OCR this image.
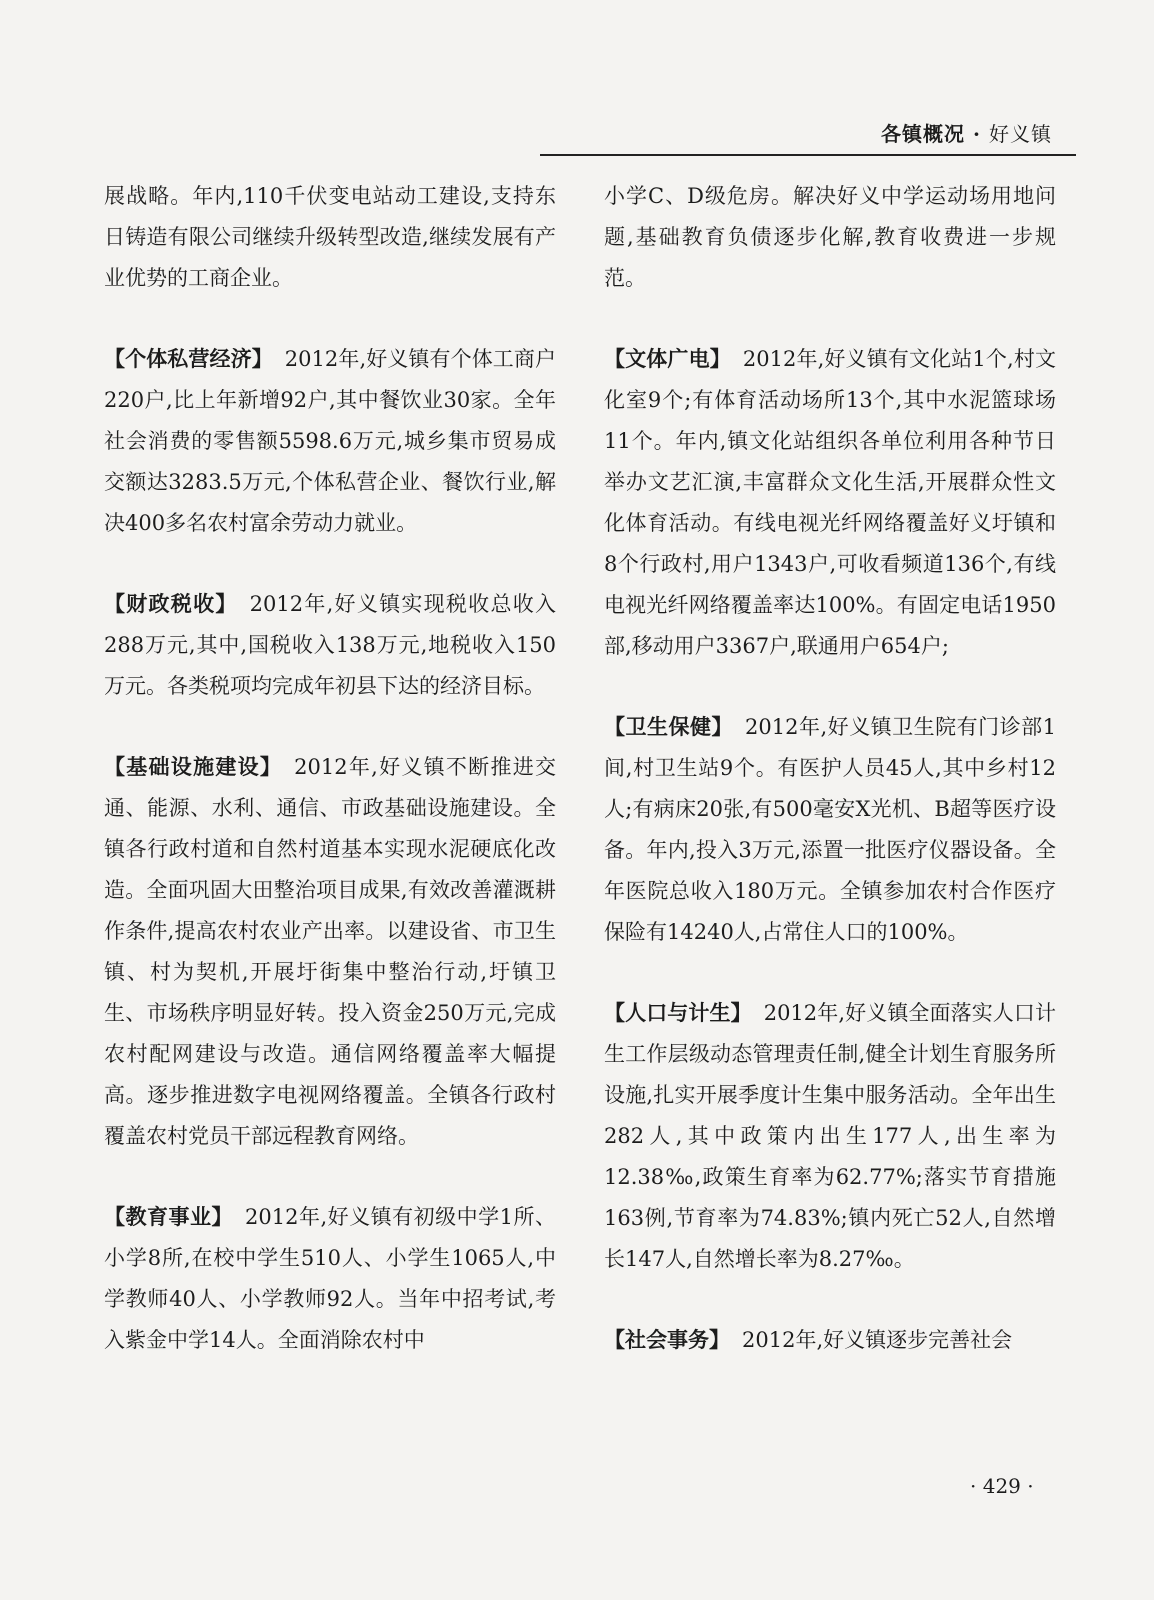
各镇概况 · 好义镇

展战略。年内,110千伏变电站动工建设,支持东日铸造有限公司继续升级转型改造,继续发展有产业优势的工商企业。

【个体私营经济】 2012年,好义镇有个体工商户220户,比上年新增92户,其中餐饮业30家。全年社会消费的零售额5598.6万元,城乡集市贸易成交额达3283.5万元,个体私营企业、餐饮行业,解决400多名农村富余劳动力就业。

【财政税收】 2012年,好义镇实现税收总收入288万元,其中,国税收入138万元,地税收入150万元。各类税项均完成年初县下达的经济目标。

【基础设施建设】 2012年,好义镇不断推进交通、能源、水利、通信、市政基础设施建设。全镇各行政村道和自然村道基本实现水泥硬底化改造。全面巩固大田整治项目成果,有效改善灌溉耕作条件,提高农村农业产出率。以建设省、市卫生镇、村为契机,开展圩街集中整治行动,圩镇卫生、市场秩序明显好转。投入资金250万元,完成农村配网建设与改造。通信网络覆盖率大幅提高。逐步推进数字电视网络覆盖。全镇各行政村覆盖农村党员干部远程教育网络。

【教育事业】 2012年,好义镇有初级中学1所、小学8所,在校中学生510人、小学生1065人,中学教师40人、小学教师92人。当年中招考试,考入紫金中学14人。全面消除农村中

小学C、D级危房。解决好义中学运动场用地问题,基础教育负债逐步化解,教育收费进一步规范。

【文体广电】 2012年,好义镇有文化站1个,村文化室9个;有体育活动场所13个,其中水泥篮球场11个。年内,镇文化站组织各单位利用各种节日举办文艺汇演,丰富群众文化生活,开展群众性文化体育活动。有线电视光纤网络覆盖好义圩镇和8个行政村,用户1343户,可收看频道136个,有线电视光纤网络覆盖率达100%。有固定电话1950部,移动用户3367户,联通用户654户;

【卫生保健】 2012年,好义镇卫生院有门诊部1间,村卫生站9个。有医护人员45人,其中乡村12人;有病床20张,有500毫安X光机、B超等医疗设备。年内,投入3万元,添置一批医疗仪器设备。全年医院总收入180万元。全镇参加农村合作医疗保险有14240人,占常住人口的100%。

【人口与计生】 2012年,好义镇全面落实人口计生工作层级动态管理责任制,健全计划生育服务所设施,扎实开展季度计生集中服务活动。全年出生282人,其中政策内出生177人,出生率为12.38‰,政策生育率为62.77%;落实节育措施163例,节育率为74.83%;镇内死亡52人,自然增长147人,自然增长率为8.27‰。

【社会事务】 2012年,好义镇逐步完善社会

· 429 ·
